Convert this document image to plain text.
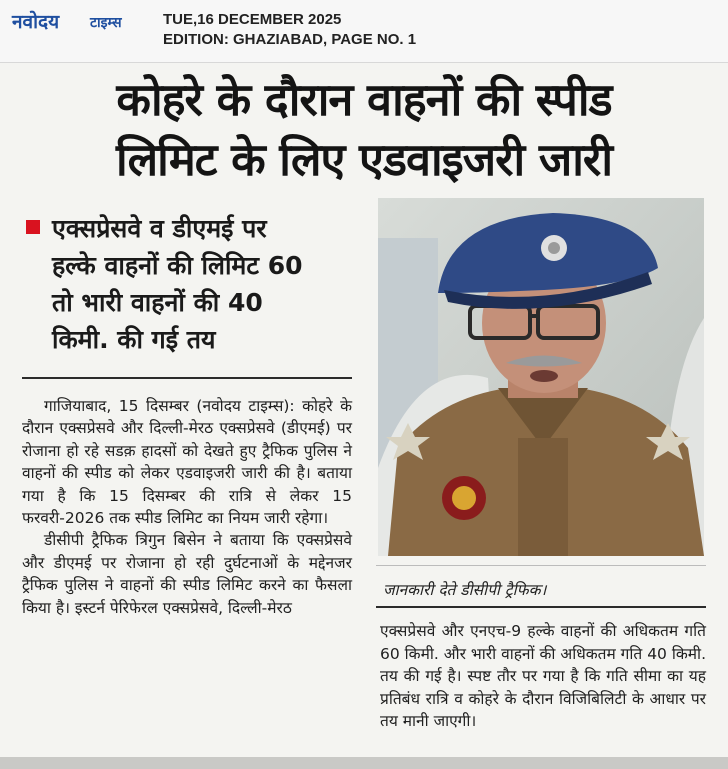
नवोदय टाइम्स	TUE,16 DECEMBER 2025
EDITION: GHAZIABAD, PAGE NO. 1
कोहरे के दौरान वाहनों की स्पीड
लिमिट के लिए एडवाइजरी जारी
एक्सप्रेसवे व डीएमई पर
हल्के वाहनों की लिमिट 60
तो भारी वाहनों की 40
किमी. की गई तय

गाजियाबाद, 15 दिसम्बर (नवोदय टाइम्स): कोहरे के दौरान एक्सप्रेसवे और दिल्ली-मेरठ एक्सप्रेसवे (डीएमई) पर रोजाना हो रहे सडक़ हादसों को देखते हुए ट्रैफिक पुलिस ने वाहनों की स्पीड को लेकर एडवाइजरी जारी की है। बताया गया है कि 15 दिसम्बर की रात्रि से लेकर 15 फरवरी-2026 तक स्पीड लिमिट का नियम जारी रहेगा।

डीसीपी ट्रैफिक त्रिगुन बिसेन ने बताया कि एक्सप्रेसवे और डीएमई पर रोजाना हो रही दुर्घटनाओं के मद्देनजर ट्रैफिक पुलिस ने वाहनों की स्पीड लिमिट करने का फैसला किया है। इस्टर्न पेरिफेरल एक्सप्रेसवे, दिल्ली-मेरठ

जानकारी देते डीसीपी ट्रैफिक।

एक्सप्रेसवे और एनएच-9 हल्के वाहनों की अधिकतम गति 60 किमी. और भारी वाहनों की अधिकतम गति 40 किमी. तय की गई है। स्पष्ट तौर पर गया है कि गति सीमा का यह प्रतिबंध रात्रि व कोहरे के दौरान विजिबिलिटी के आधार पर तय मानी जाएगी।
